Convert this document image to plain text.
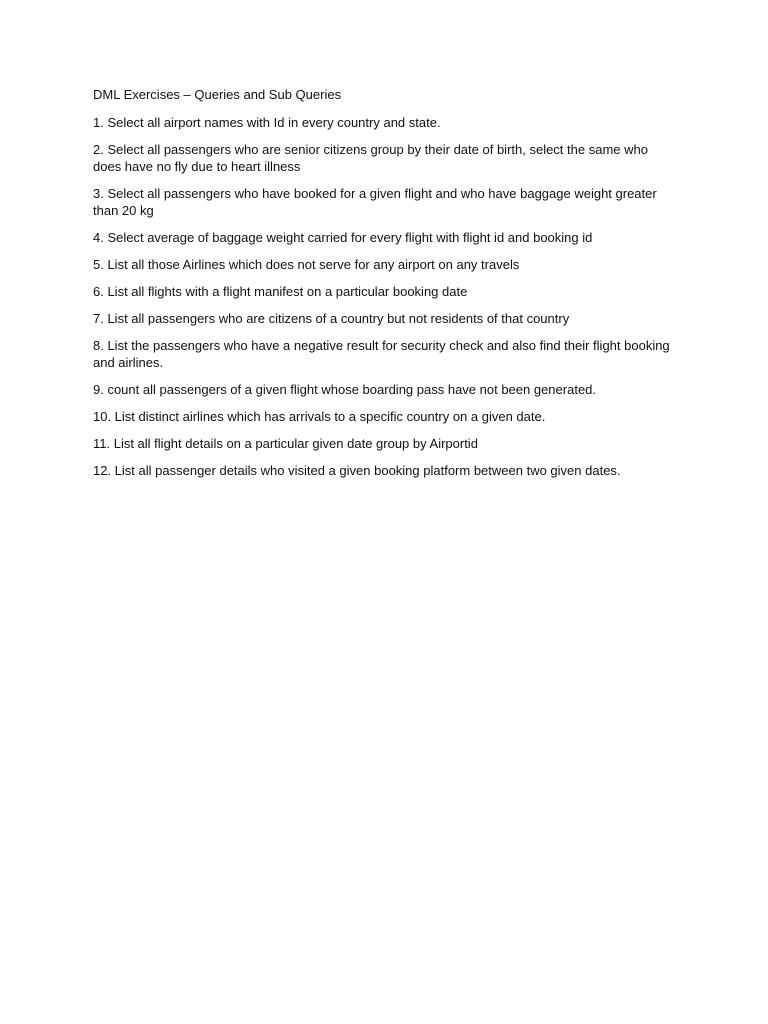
DML Exercises – Queries and Sub Queries

1. Select all airport names with Id in every country and state.

2. Select all passengers who are senior citizens group by their date of birth, select the same who does have no fly due to heart illness

3. Select all passengers who have booked for a given flight and who have baggage weight greater than 20 kg

4. Select average of baggage weight carried for every flight with flight id and booking id

5. List all those Airlines which does not serve for any airport on any travels

6. List all flights with a flight manifest on a particular booking date

7. List all passengers who are citizens of a country but not residents of that country

8. List the passengers who have a negative result for security check and also find their flight booking and airlines.

9. count all passengers of a given flight whose boarding pass have not been generated.

10. List distinct airlines which has arrivals to a specific country on a given date.

11. List all flight details on a particular given date group by Airportid

12. List all passenger details who visited a given booking platform between two given dates.
